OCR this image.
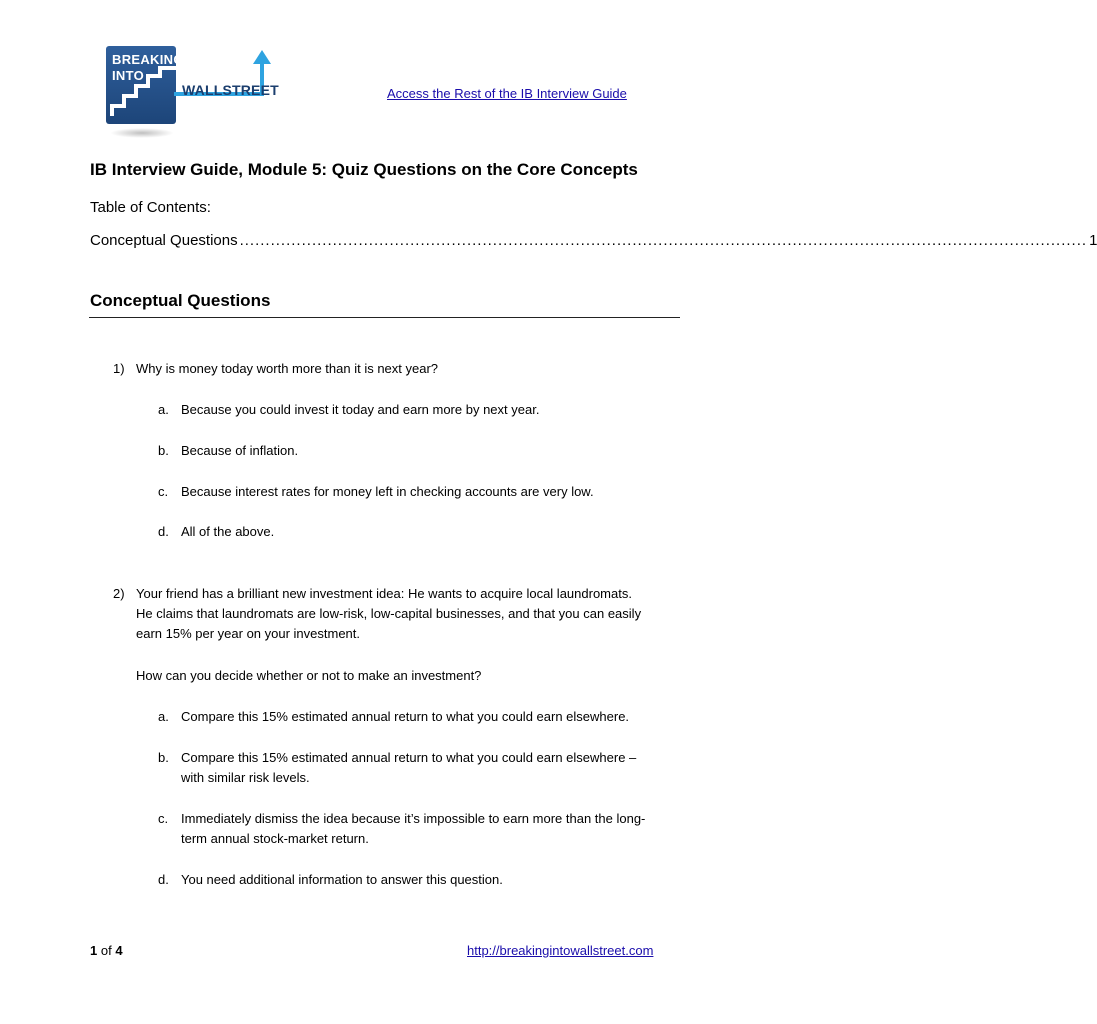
BREAKING
INTO
WALLSTREET	Access the Rest of the IB Interview Guide
IB Interview Guide, Module 5: Quiz Questions on the Core Concepts
Table of Contents:
Conceptual Questions
.....	1
Conceptual Questions
1) Why is money today worth more than it is next year?
a. Because you could invest it today and earn more by next year.
b. Because of inflation.
c. Because interest rates for money left in checking accounts are very low.
d. All of the above.
2) Your friend has a brilliant new investment idea: He wants to acquire local laundromats.
He claims that laundromats are low-risk, low-capital businesses, and that you can easily
earn 15% per year on your investment.
How can you decide whether or not to make an investment?
a. Compare this 15% estimated annual return to what you could earn elsewhere.
b. Compare this 15% estimated annual return to what you could earn elsewhere –
with similar risk levels.
c. Immediately dismiss the idea because it’s impossible to earn more than the long-
term annual stock-market return.
d. You need additional information to answer this question.
1 of 4	http://breakingintowallstreet.com
